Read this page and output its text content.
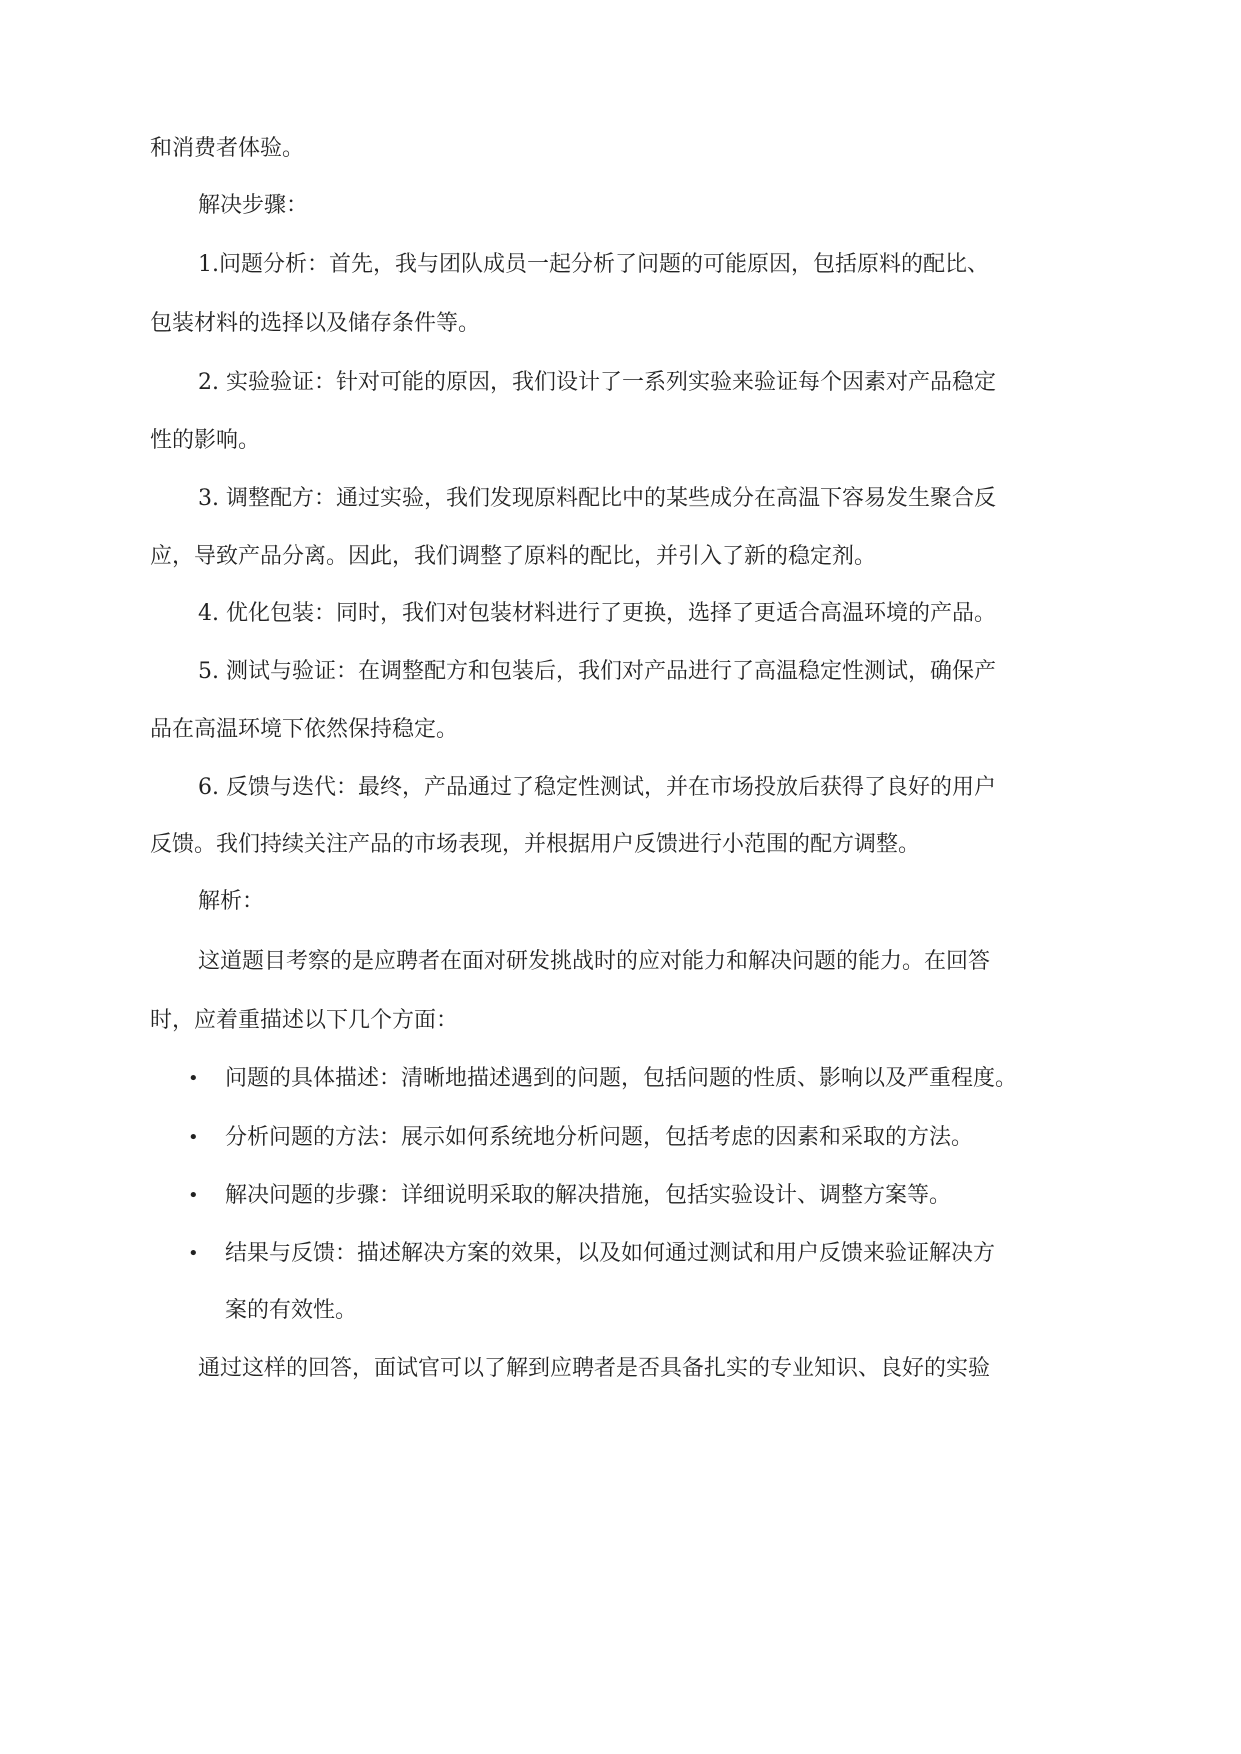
和消费者体验。
解决步骤：
1.问题分析：首先，我与团队成员一起分析了问题的可能原因，包括原料的配比、
包装材料的选择以及储存条件等。
2. 实验验证：针对可能的原因，我们设计了一系列实验来验证每个因素对产品稳定
性的影响。
3. 调整配方：通过实验，我们发现原料配比中的某些成分在高温下容易发生聚合反
应，导致产品分离。因此，我们调整了原料的配比，并引入了新的稳定剂。
4. 优化包装：同时，我们对包装材料进行了更换，选择了更适合高温环境的产品。
5. 测试与验证：在调整配方和包装后，我们对产品进行了高温稳定性测试，确保产
品在高温环境下依然保持稳定。
6. 反馈与迭代：最终，产品通过了稳定性测试，并在市场投放后获得了良好的用户
反馈。我们持续关注产品的市场表现，并根据用户反馈进行小范围的配方调整。
解析：
这道题目考察的是应聘者在面对研发挑战时的应对能力和解决问题的能力。在回答
时，应着重描述以下几个方面：
• 问题的具体描述：清晰地描述遇到的问题，包括问题的性质、影响以及严重程度。
• 分析问题的方法：展示如何系统地分析问题，包括考虑的因素和采取的方法。
• 解决问题的步骤：详细说明采取的解决措施，包括实验设计、调整方案等。
• 结果与反馈：描述解决方案的效果，以及如何通过测试和用户反馈来验证解决方
案的有效性。
通过这样的回答，面试官可以了解到应聘者是否具备扎实的专业知识、良好的实验
